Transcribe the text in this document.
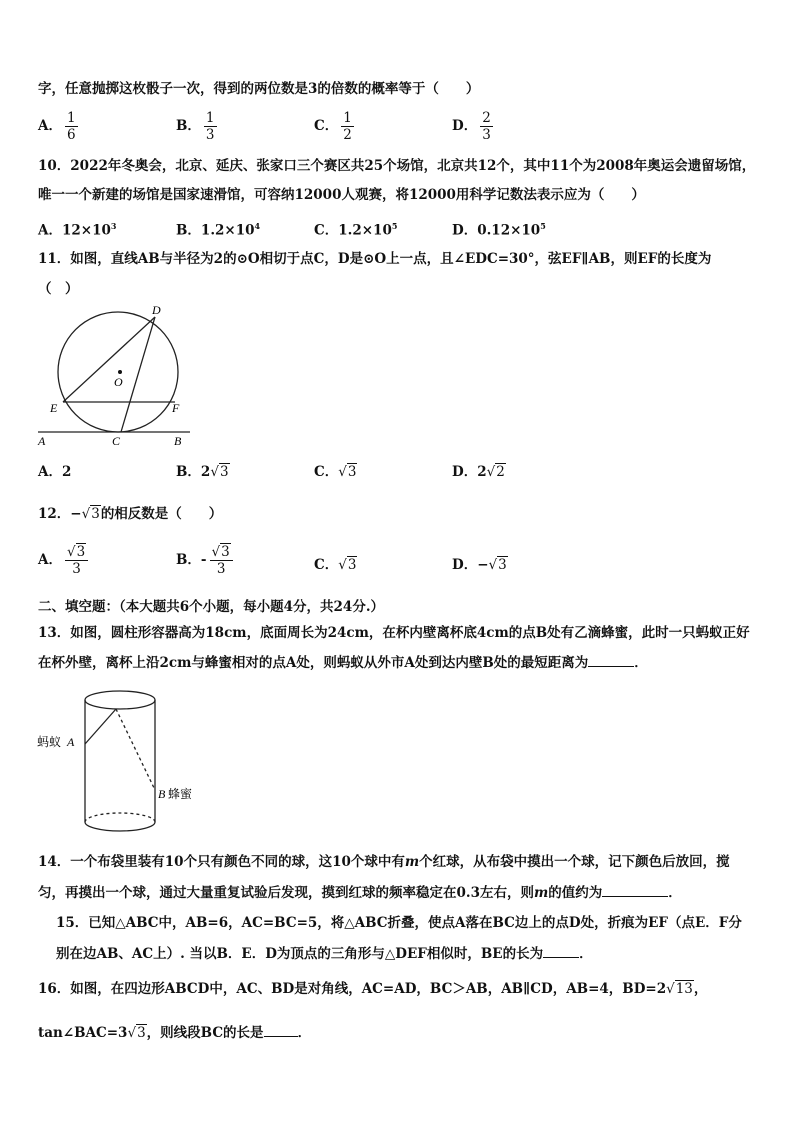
字，任意抛掷这枚骰子一次，得到的两位数是3的倍数的概率等于（　　）
A． $\frac{1}{6}$	B． $\frac{1}{3}$	C． $\frac{1}{2}$	D． $\frac{2}{3}$
10．2022年冬奥会，北京、延庆、张家口三个赛区共25个场馆，北京共12个，其中11个为2008年奥运会遗留场馆，
唯一一个新建的场馆是国家速滑馆，可容纳12000人观赛，将12000用科学记数法表示应为（　　）
A．$12\times 10^3$	B．$1.2\times 10^4$	C．$1.2\times 10^5$	D．$0.12\times 10^5$
11．如图，直线AB与半径为2的⊙O相切于点C，D是⊙O上一点，且∠EDC=30°，弦EF∥AB，则EF的长度为
（　）
D
O
E	F
A	C	B
A．2	B．2√3	C．√3	D．2√2
12．−√3的相反数是（　　）
A． $\frac{√3}{3}$	B．- $\frac{√3}{3}$	C．√3	D．−√3
二、填空题：（本大题共6个小题，每小题4分，共24分.）
13．如图，圆柱形容器高为18cm，底面周长为24cm，在杯内壁离杯底4cm的点B处有乙滴蜂蜜，此时一只蚂蚁正好
在杯外壁，离杯上沿2cm与蜂蜜相对的点A处，则蚂蚁从外市A处到达内壁B处的最短距离为	．
蚂蚁 A
B 蜂蜜
14．一个布袋里装有10个只有颜色不同的球，这10个球中有m个红球，从布袋中摸出一个球，记下颜色后放回，搅
匀，再摸出一个球，通过大量重复试验后发现，摸到红球的频率稳定在0.3左右，则m的值约为	．
15．已知△ABC中，AB=6，AC=BC=5，将△ABC折叠，使点A落在BC边上的点D处，折痕为EF（点E．F分
别在边AB、AC上）. 当以B．E．D为顶点的三角形与△DEF相似时，BE的长为	．
16．如图，在四边形ABCD中，AC、BD是对角线，AC=AD，BC＞AB，AB∥CD，AB=4，BD=2√13，
tan∠BAC=3√3，则线段BC的长是	．
